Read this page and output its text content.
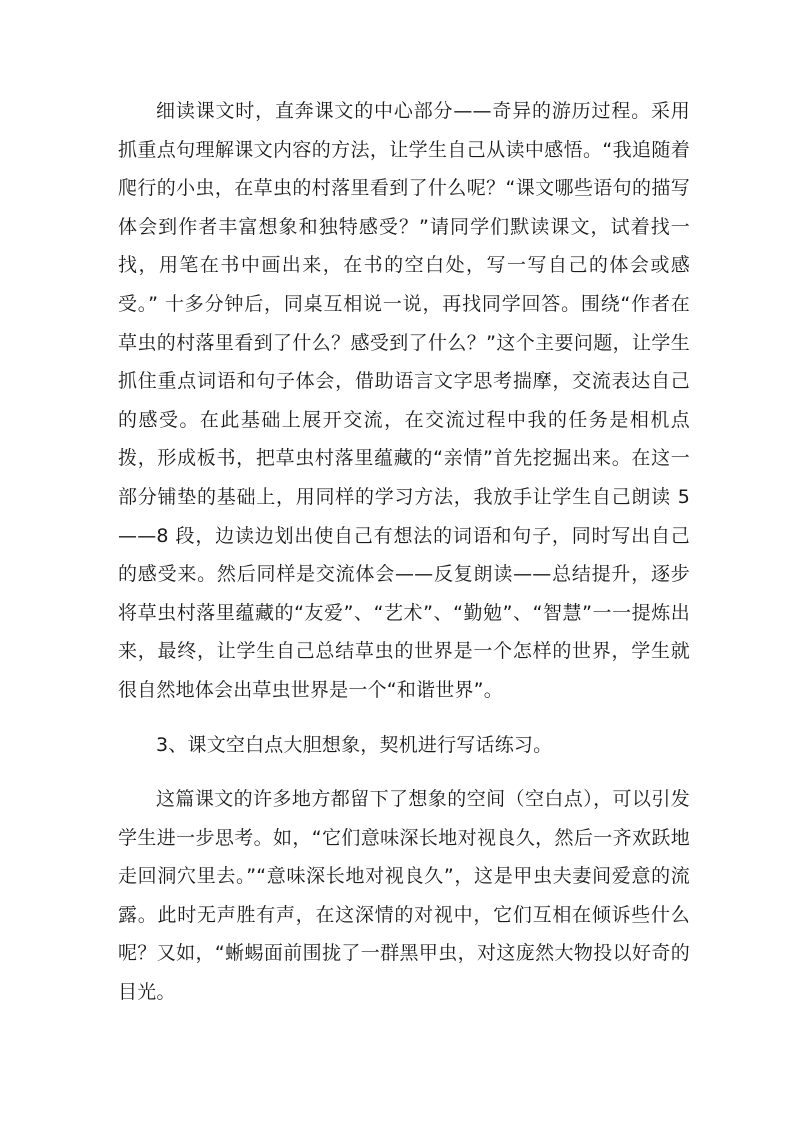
细读课文时，直奔课文的中心部分——奇异的游历过程。采用抓重点句理解课文内容的方法，让学生自己从读中感悟。“我追随着爬行的小虫，在草虫的村落里看到了什么呢？“课文哪些语句的描写体会到作者丰富想象和独特感受？”请同学们默读课文，试着找一找，用笔在书中画出来，在书的空白处，写一写自己的体会或感受。” 十多分钟后，同桌互相说一说，再找同学回答。围绕“作者在草虫的村落里看到了什么？感受到了什么？”这个主要问题，让学生抓住重点词语和句子体会，借助语言文字思考揣摩，交流表达自己的感受。在此基础上展开交流，在交流过程中我的任务是相机点拨，形成板书，把草虫村落里蕴藏的“亲情”首先挖掘出来。在这一部分铺垫的基础上，用同样的学习方法，我放手让学生自己朗读 5——8 段，边读边划出使自己有想法的词语和句子，同时写出自己的感受来。然后同样是交流体会——反复朗读——总结提升，逐步将草虫村落里蕴藏的“友爱”、“艺术”、“勤勉”、“智慧”一一提炼出来，最终，让学生自己总结草虫的世界是一个怎样的世界，学生就很自然地体会出草虫世界是一个“和谐世界”。

3、课文空白点大胆想象，契机进行写话练习。

这篇课文的许多地方都留下了想象的空间（空白点），可以引发学生进一步思考。如，“它们意味深长地对视良久，然后一齐欢跃地走回洞穴里去。”“意味深长地对视良久”，这是甲虫夫妻间爱意的流露。此时无声胜有声，在这深情的对视中，它们互相在倾诉些什么呢？又如，“蜥蜴面前围拢了一群黑甲虫，对这庞然大物投以好奇的目光。
